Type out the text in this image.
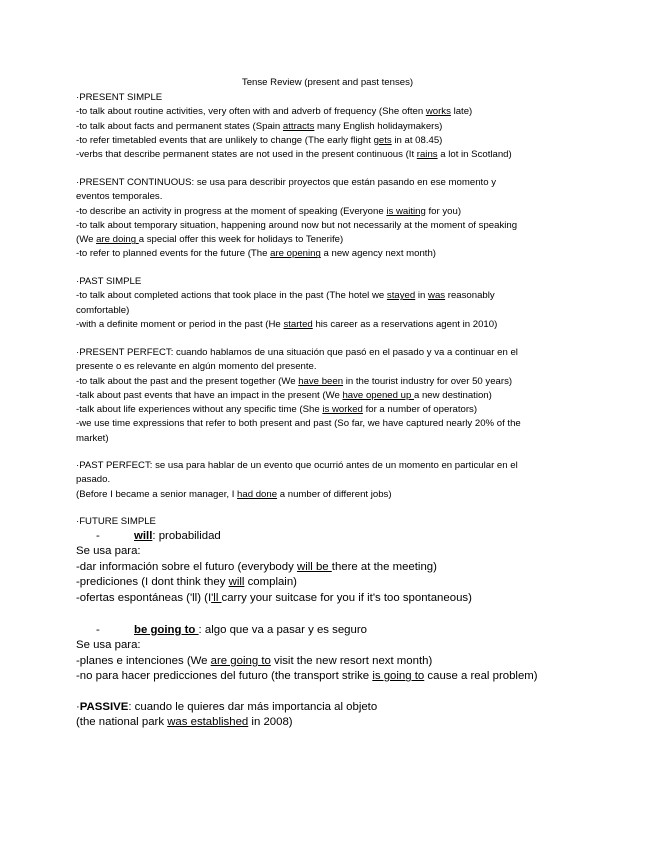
Tense Review (present and past tenses)
·PRESENT SIMPLE
-to talk about routine activities, very often with and adverb of frequency (She often works late)
-to talk about facts and permanent states (Spain attracts many English holidaymakers)
-to refer timetabled events that are unlikely to change (The early flight gets in at 08.45)
-verbs that describe permanent states are not used in the present continuous (It rains a lot in Scotland)
·PRESENT CONTINUOUS: se usa para describir proyectos que están pasando en ese momento y
eventos temporales.
-to describe an activity in progress at the moment of speaking (Everyone is waiting for you)
-to talk about temporary situation, happening around now but not necessarily at the moment of speaking
(We are doing a special offer this week for holidays to Tenerife)
-to refer to planned events for the future (The are opening a new agency next month)
·PAST SIMPLE
-to talk about completed actions that took place in the past (The hotel we stayed in was reasonably
comfortable)
-with a definite moment or period in the past (He started his career as a reservations agent in 2010)
·PRESENT PERFECT: cuando hablamos de una situación que pasó en el pasado y va a continuar en el
presente o es relevante en algún momento del presente.
-to talk about the past and the present together (We have been in the tourist industry for over 50 years)
-talk about past events that have an impact in the present (We have opened up a new destination)
-talk about life experiences without any specific time (She is worked for a number of operators)
-we use time expressions that refer to both present and past (So far, we have captured nearly 20% of the
market)
·PAST PERFECT: se usa para hablar de un evento que ocurrió antes de un momento en particular en el
pasado.
(Before I became a senior manager, I had done a number of different jobs)
·FUTURE SIMPLE
-	will: probabilidad
Se usa para:
-dar información sobre el futuro (everybody will be there at the meeting)
-prediciones (I dont think they will complain)
-ofertas espontáneas ('ll) (I'll carry your suitcase for you if it's too spontaneous)
-	be going to : algo que va a pasar y es seguro
Se usa para:
-planes e intenciones (We are going to visit the new resort next month)
-no para hacer predicciones del futuro (the transport strike is going to cause a real problem)
·PASSIVE: cuando le quieres dar más importancia al objeto
(the national park was established in 2008)
